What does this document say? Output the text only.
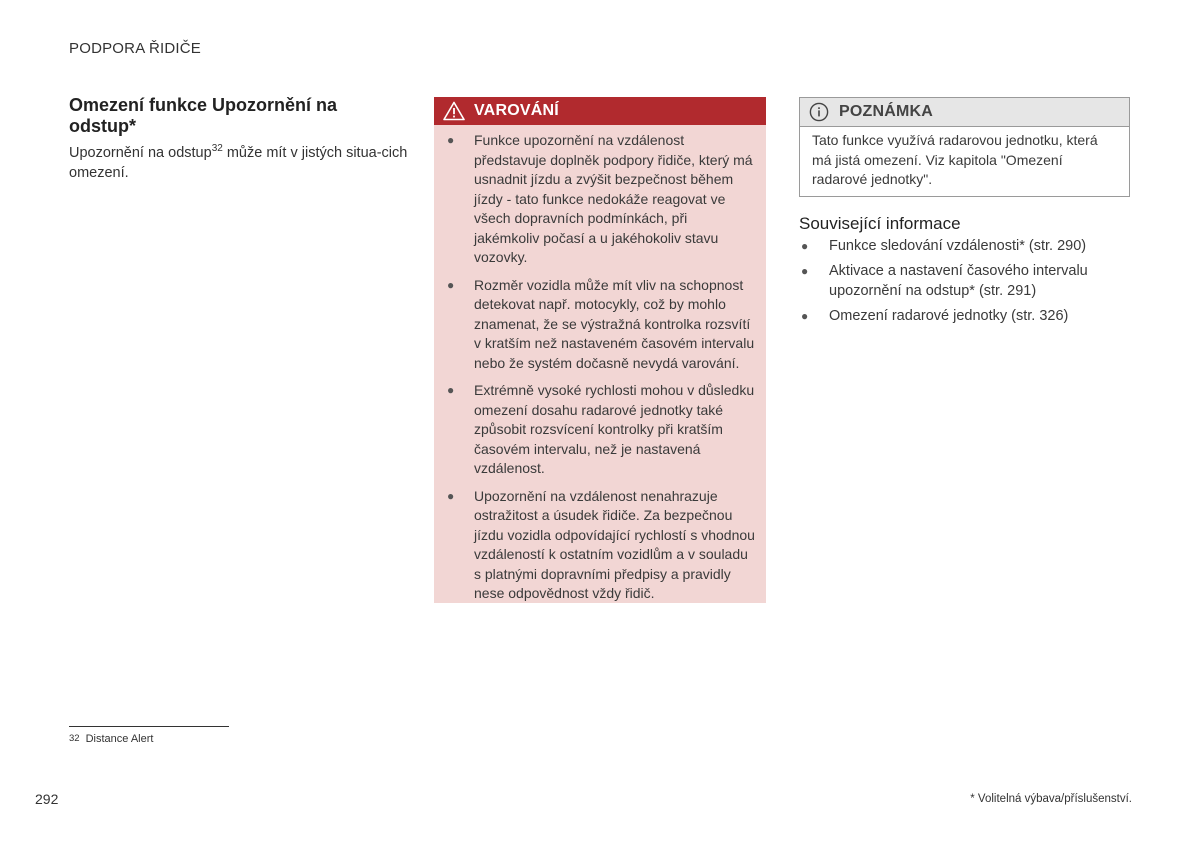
PODPORA ŘIDIČE
Omezení funkce Upozornění na odstup*
Upozornění na odstup$^{32}$ může mít v jistých situa-cich omezení.
VAROVÁNÍ
● Funkce upozornění na vzdálenost představuje doplněk podpory řidiče, který má usnadnit jízdu a zvýšit bezpečnost během jízdy - tato funkce nedokáže reagovat ve všech dopravních podmínkách, při jakémkoliv počasí a u jakéhokoliv stavu vozovky.
● Rozměr vozidla může mít vliv na schopnost detekovat např. motocykly, což by mohlo znamenat, že se výstražná kontrolka rozsvítí v kratším než nastaveném časovém intervalu nebo že systém dočasně nevydá varování.
● Extrémně vysoké rychlosti mohou v důsledku omezení dosahu radarové jednotky také způsobit rozsvícení kontrolky při kratším časovém intervalu, než je nastavená vzdálenost.
● Upozornění na vzdálenost nenahrazuje ostražitost a úsudek řidiče. Za bezpečnou jízdu vozidla odpovídající rychlostí s vhodnou vzdáleností k ostatním vozidlům a v souladu s platnými dopravními předpisy a pravidly nese odpovědnost vždy řidič.
POZNÁMKA
Tato funkce využívá radarovou jednotku, která má jistá omezení. Viz kapitola "Omezení radarové jednotky".
Související informace
● Funkce sledování vzdálenosti* (str. 290)
● Aktivace a nastavení časového intervalu upozornění na odstup* (str. 291)
● Omezení radarové jednotky (str. 326)
32 Distance Alert
292	* Volitelná výbava/příslušenství.
